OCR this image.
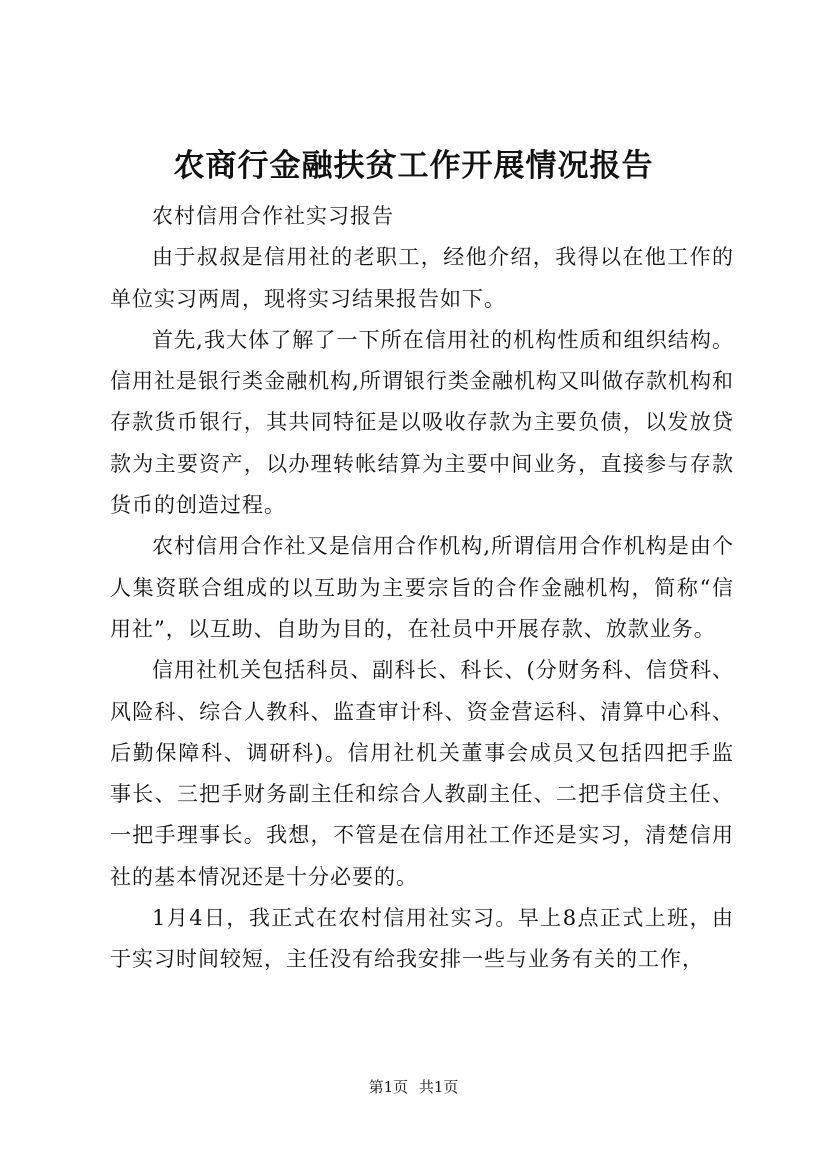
农商行金融扶贫工作开展情况报告

农村信用合作社实习报告

由于叔叔是信用社的老职工，经他介绍，我得以在他工作的单位实习两周，现将实习结果报告如下。

首先,我大体了解了一下所在信用社的机构性质和组织结构。信用社是银行类金融机构,所谓银行类金融机构又叫做存款机构和存款货币银行，其共同特征是以吸收存款为主要负债，以发放贷款为主要资产，以办理转帐结算为主要中间业务，直接参与存款货币的创造过程。

农村信用合作社又是信用合作机构,所谓信用合作机构是由个人集资联合组成的以互助为主要宗旨的合作金融机构，简称“信用社”，以互助、自助为目的，在社员中开展存款、放款业务。

信用社机关包括科员、副科长、科长、(分财务科、信贷科、风险科、综合人教科、监查审计科、资金营运科、清算中心科、后勤保障科、调研科)。信用社机关董事会成员又包括四把手监事长、三把手财务副主任和综合人教副主任、二把手信贷主任、一把手理事长。我想，不管是在信用社工作还是实习，清楚信用社的基本情况还是十分必要的。

1月4日，我正式在农村信用社实习。早上8点正式上班，由于实习时间较短，主任没有给我安排一些与业务有关的工作，

第1页 共1页
